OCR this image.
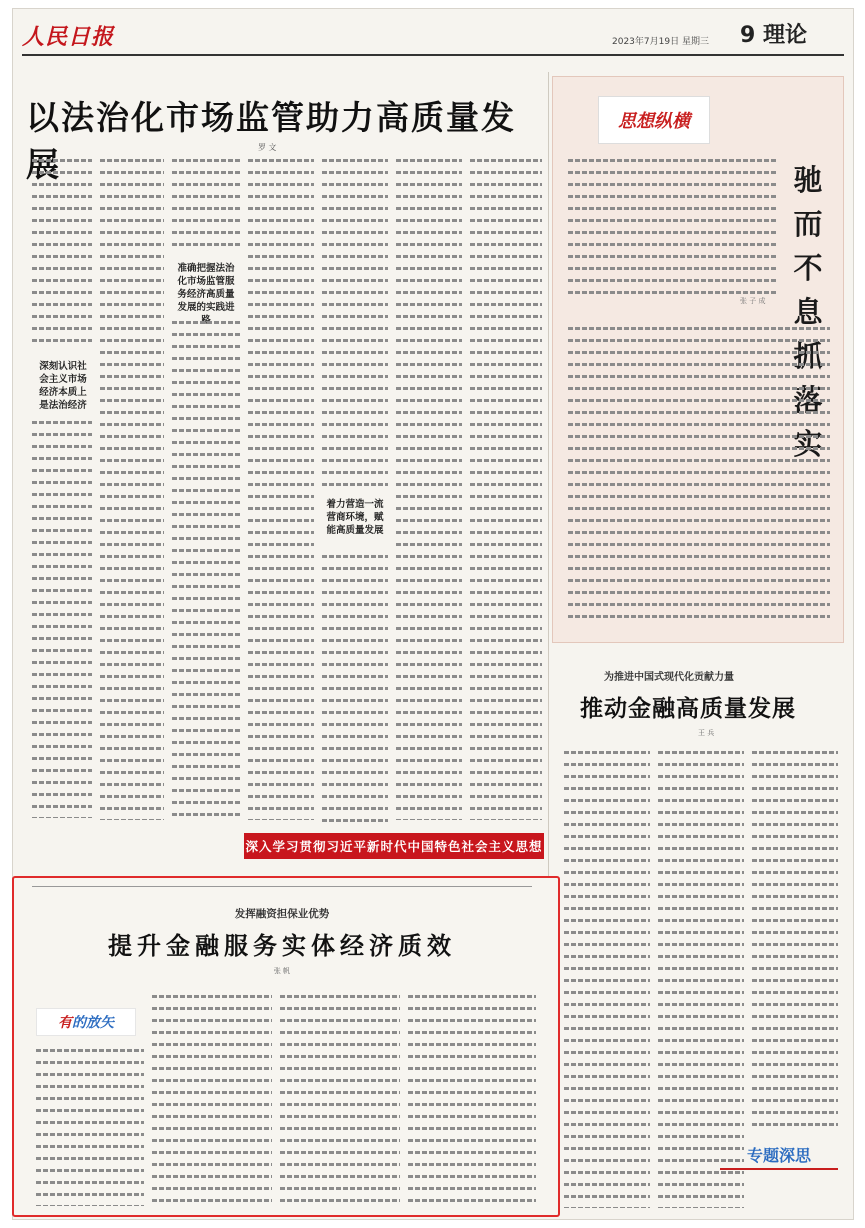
人民日报	2023年7月19日 星期三 9 理论
以法治化市场监管助力高质量发展	罗 文
深刻认识社会主义市场经济本质上是法治经济
准确把握法治化市场监管服务经济高质量发展的实践进路
着力营造一流营商环境，赋能高质量发展
思想纵横
驰而不息抓落实
张 子 成
为推进中国式现代化贡献力量
推动金融高质量发展
王 兵
专题深思
深入学习贯彻习近平新时代中国特色社会主义思想
发挥融资担保业优势
提升金融服务实体经济质效
张 帆
有 的放矢
